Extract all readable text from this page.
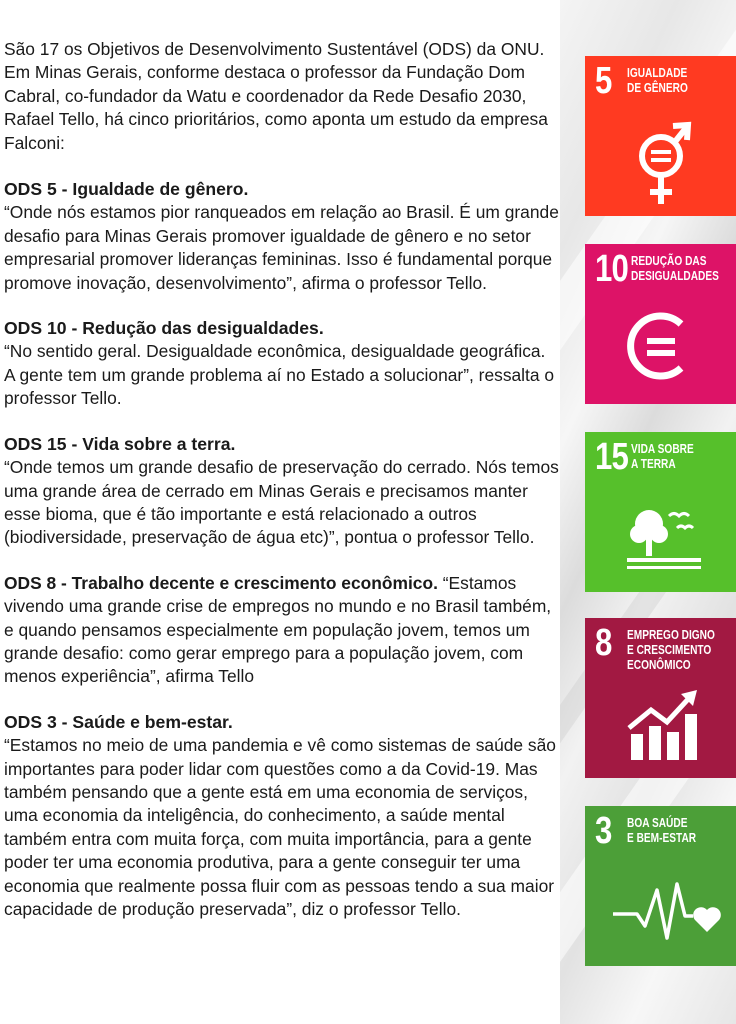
São 17 os Objetivos de Desenvolvimento Sustentável (ODS) da ONU. Em Minas Gerais, conforme destaca o professor da Fundação Dom Cabral, co-fundador da Watu e coordenador da Rede Desafio 2030, Rafael Tello, há cinco prioritários, como aponta um estudo da empresa Falconi:

ODS 5 - Igualdade de gênero.

“Onde nós estamos pior ranqueados em relação ao Brasil. É um grande desafio para Minas Gerais promover igualdade de gênero e no setor empresarial promover lideranças femininas. Isso é fundamental porque promove inovação, desenvolvimento”, afirma o professor Tello.

ODS 10 - Redução das desigualdades.

“No sentido geral. Desigualdade econômica, desigualdade geográfica. A gente tem um grande problema aí no Estado a solucionar”, ressalta o professor Tello.

ODS 15 - Vida sobre a terra.

“Onde temos um grande desafio de preservação do cerrado. Nós temos uma grande área de cerrado em Minas Gerais e precisamos manter esse bioma, que é tão importante e está relacionado a outros (biodiversidade, preservação de água etc)”, pontua o professor Tello.

ODS 8 - Trabalho decente e crescimento econômico. “Estamos vivendo uma grande crise de empregos no mundo e no Brasil também, e quando pensamos especialmente em população jovem, temos um grande desafio: como gerar emprego para a população jovem, com menos experiência”, afirma Tello

ODS 3 - Saúde e bem-estar.

“Estamos no meio de uma pandemia e vê como sistemas de saúde são importantes para poder lidar com questões como a da Covid-19. Mas também pensando que a gente está em uma economia de serviços, uma economia da inteligência, do conhecimento, a saúde mental também entra com muita força, com muita importância, para a gente poder ter uma economia produtiva, para a gente conseguir ter uma economia que realmente possa fluir com as pessoas tendo a sua maior capacidade de produção preservada”, diz o professor Tello.

5 IGUALDADE
DE GÊNERO
10 REDUÇÃO DAS
DESIGUALDADES
15 VIDA SOBRE
A TERRA
8 EMPREGO DIGNO
E CRESCIMENTO
ECONÔMICO
3 BOA SAÚDE
E BEM-ESTAR
